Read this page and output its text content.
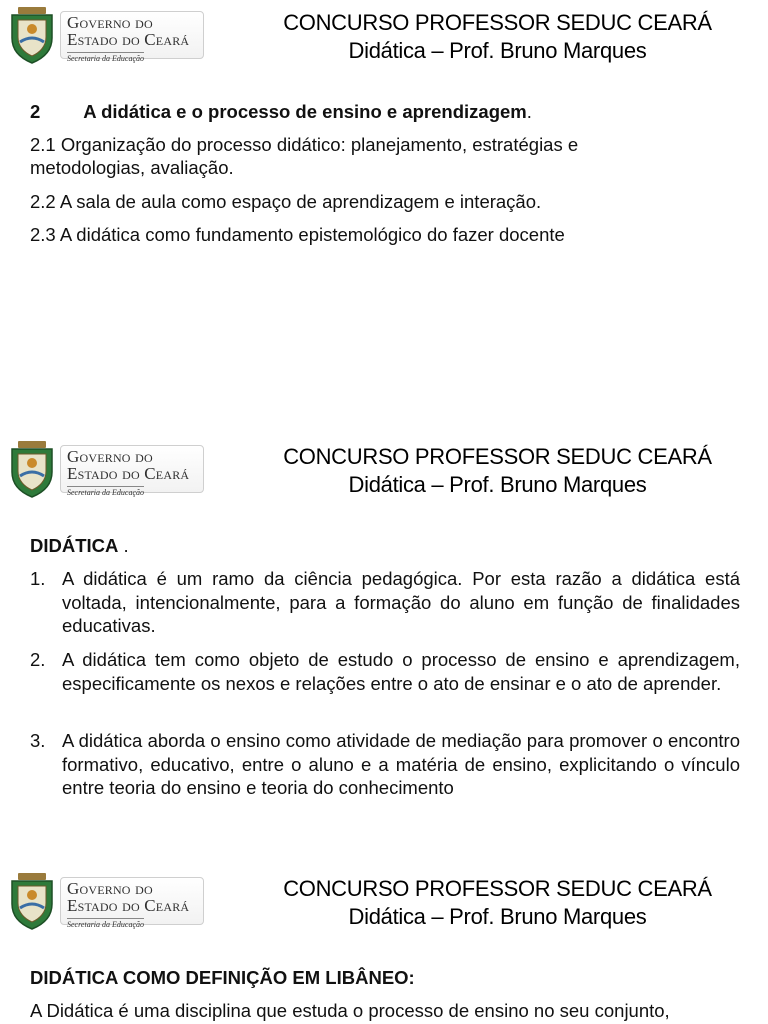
Governo do
Estado do Ceará
Secretaria da Educação
CONCURSO PROFESSOR SEDUC CEARÁ
Didática – Prof. Bruno Marques
2 A didática e o processo de ensino e aprendizagem.

2.1 Organização do processo didático: planejamento, estratégias e metodologias, avaliação.

2.2 A sala de aula como espaço de aprendizagem e interação.

2.3 A didática como fundamento epistemológico do fazer docente

Governo do
Estado do Ceará
Secretaria da Educação
CONCURSO PROFESSOR SEDUC CEARÁ
Didática – Prof. Bruno Marques
DIDÁTICA .
1. A didática é um ramo da ciência pedagógica. Por esta razão a didática está voltada, intencionalmente, para a formação do aluno em função de finalidades educativas.
2. A didática tem como objeto de estudo o processo de ensino e aprendizagem, especificamente os nexos e relações entre o ato de ensinar e o ato de aprender.
3. A didática aborda o ensino como atividade de mediação para promover o encontro formativo, educativo, entre o aluno e a matéria de ensino, explicitando o vínculo entre teoria do ensino e teoria do conhecimento
Governo do
Estado do Ceará
Secretaria da Educação
CONCURSO PROFESSOR SEDUC CEARÁ
Didática – Prof. Bruno Marques
DIDÁTICA COMO DEFINIÇÃO EM LIBÂNEO:

A Didática é uma disciplina que estuda o processo de ensino no seu conjunto,
